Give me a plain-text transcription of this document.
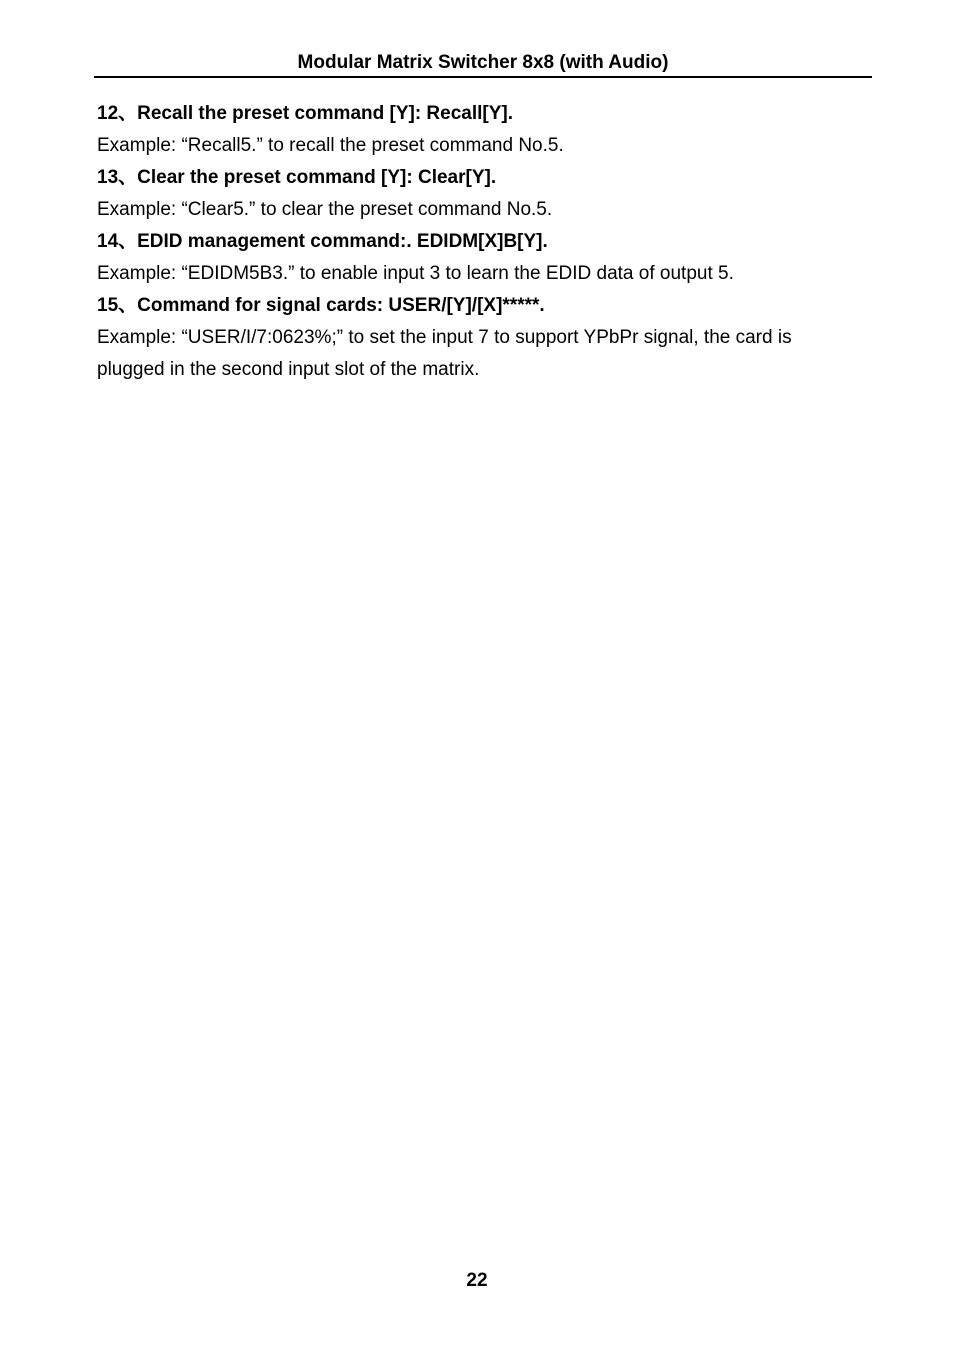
Modular Matrix Switcher 8x8 (with Audio)
12、Recall the preset command [Y]: Recall[Y].
Example: “Recall5.” to recall the preset command No.5.
13、Clear the preset command [Y]: Clear[Y].
Example: “Clear5.” to clear the preset command No.5.
14、EDID management command:. EDIDM[X]B[Y].
Example: “EDIDM5B3.” to enable input 3 to learn the EDID data of output 5.
15、Command for signal cards: USER/[Y]/[X]*****.
Example: “USER/I/7:0623%;” to set the input 7 to support YPbPr signal, the card is
plugged in the second input slot of the matrix.
22
